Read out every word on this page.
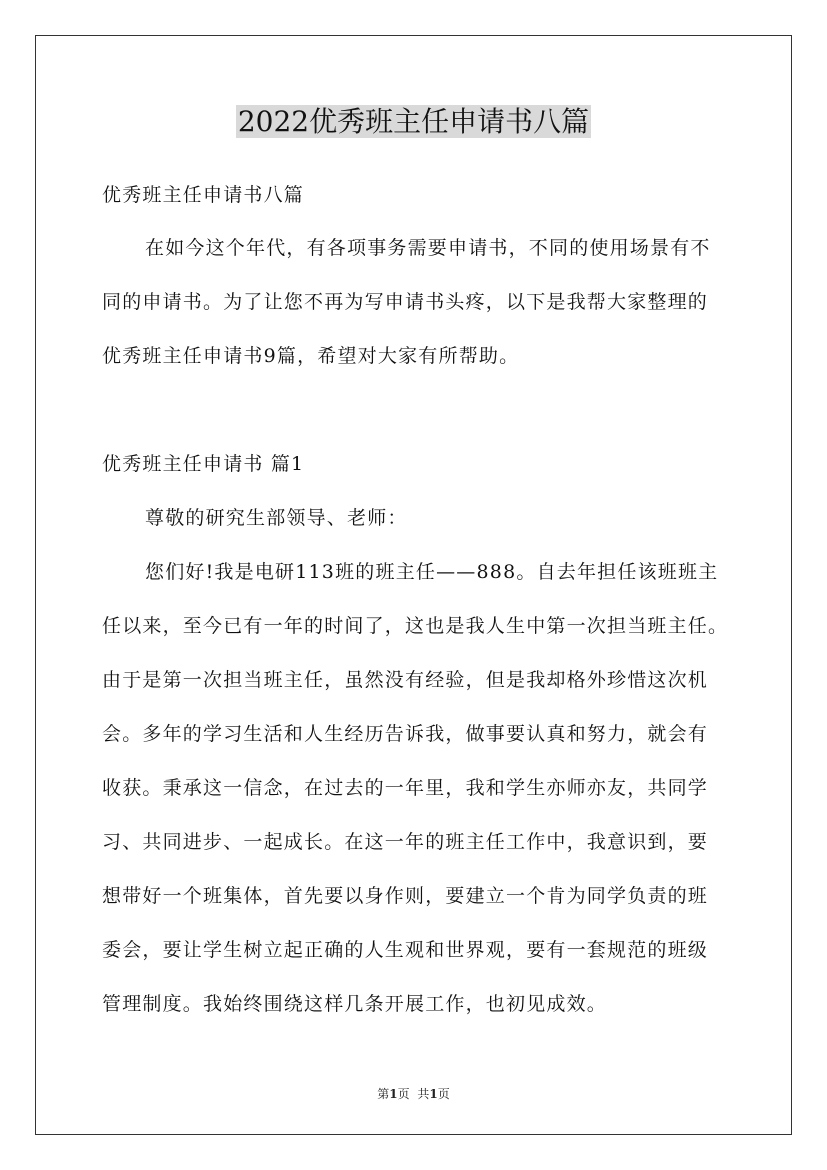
2022优秀班主任申请书八篇
优秀班主任申请书八篇
在如今这个年代，有各项事务需要申请书，不同的使用场景有不
同的申请书。为了让您不再为写申请书头疼，以下是我帮大家整理的
优秀班主任申请书9篇，希望对大家有所帮助。
优秀班主任申请书 篇1
尊敬的研究生部领导、老师：
您们好!我是电研113班的班主任——888。自去年担任该班班主
任以来，至今已有一年的时间了，这也是我人生中第一次担当班主任。
由于是第一次担当班主任，虽然没有经验，但是我却格外珍惜这次机
会。多年的学习生活和人生经历告诉我，做事要认真和努力，就会有
收获。秉承这一信念，在过去的一年里，我和学生亦师亦友，共同学
习、共同进步、一起成长。在这一年的班主任工作中，我意识到，要
想带好一个班集体，首先要以身作则，要建立一个肯为同学负责的班
委会，要让学生树立起正确的人生观和世界观，要有一套规范的班级
管理制度。我始终围绕这样几条开展工作，也初见成效。
第1页 共1页
